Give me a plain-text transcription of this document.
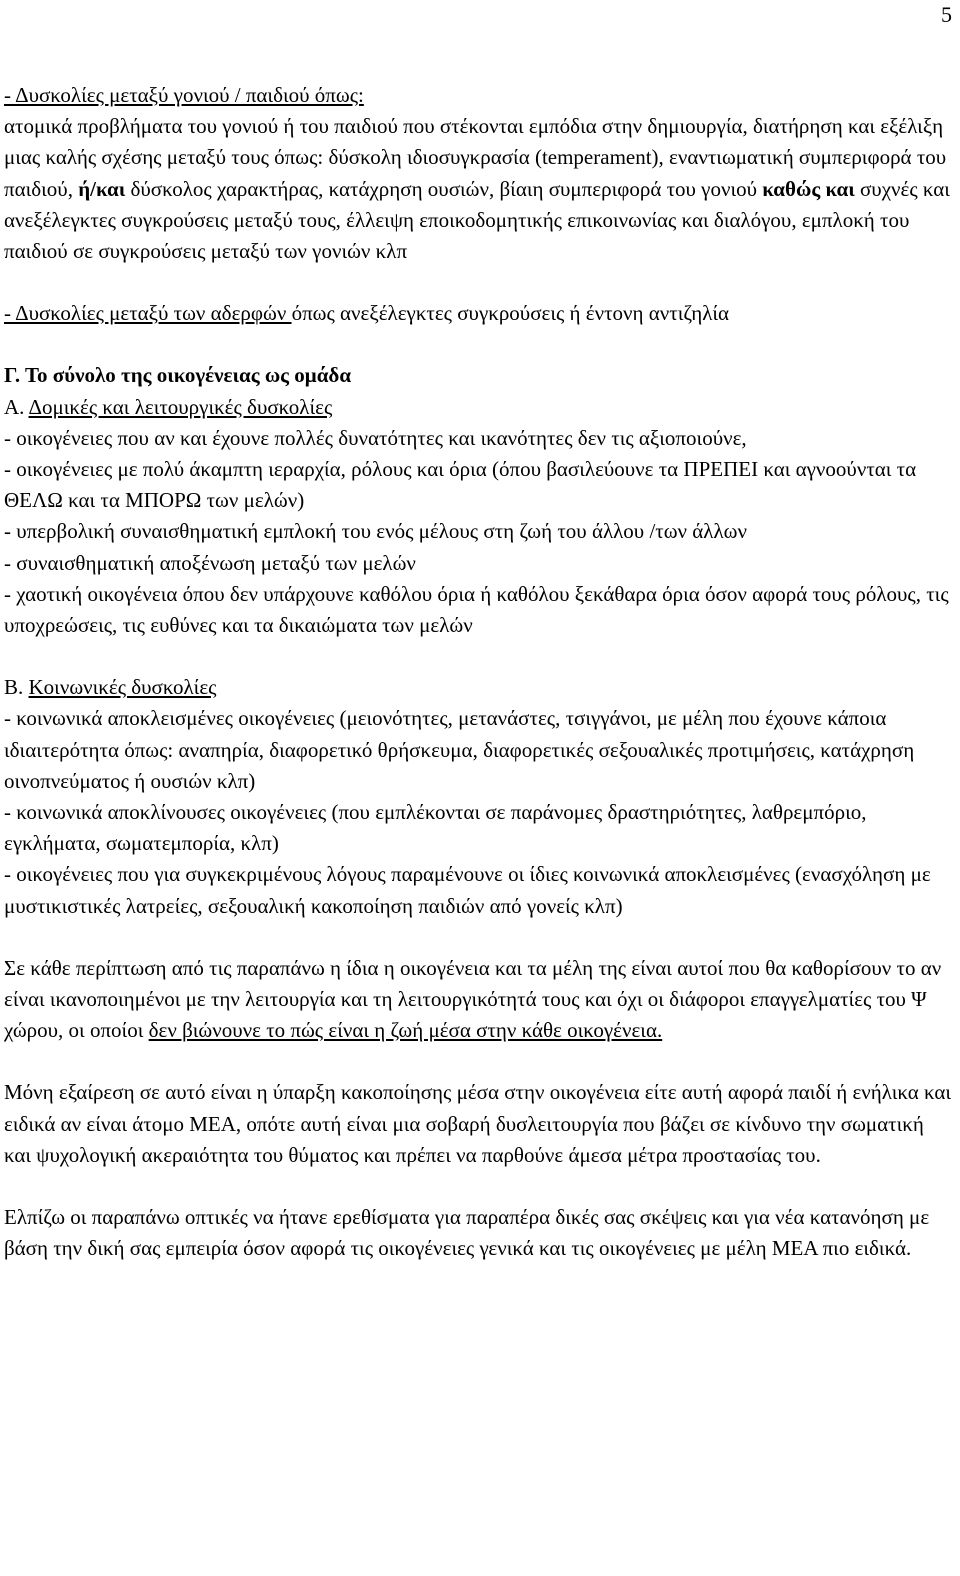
5

- Δυσκολίες μεταξύ γονιού / παιδιού όπως:
ατομικά προβλήματα του γονιού ή του παιδιού που στέκονται εμπόδια στην δημιουργία, διατήρηση και εξέλιξη μιας καλής σχέσης μεταξύ τους όπως: δύσκολη ιδιοσυγκρασία (temperament), εναντιωματική συμπεριφορά του παιδιού, ή/και δύσκολος χαρακτήρας, κατάχρηση ουσιών, βίαιη συμπεριφορά του γονιού καθώς και συχνές και ανεξέλεγκτες συγκρούσεις μεταξύ τους, έλλειψη εποικοδομητικής επικοινωνίας και διαλόγου, εμπλοκή του παιδιού σε συγκρούσεις μεταξύ των γονιών κλπ

- Δυσκολίες μεταξύ των αδερφών όπως ανεξέλεγκτες συγκρούσεις ή έντονη αντιζηλία

Γ. Το σύνολο της οικογένειας ως ομάδα
Α. Δομικές και λειτουργικές δυσκολίες
- οικογένειες που αν και έχουνε πολλές δυνατότητες και ικανότητες δεν τις αξιοποιούνε,
- οικογένειες με πολύ άκαμπτη ιεραρχία, ρόλους και όρια (όπου βασιλεύουνε τα ΠΡΕΠΕΙ και αγνοούνται τα ΘΕΛΩ και τα ΜΠΟΡΩ των μελών)
- υπερβολική συναισθηματική εμπλοκή του ενός μέλους στη ζωή του άλλου /των άλλων
- συναισθηματική αποξένωση μεταξύ των μελών
- χαοτική οικογένεια όπου δεν υπάρχουνε καθόλου όρια ή καθόλου ξεκάθαρα όρια όσον αφορά τους ρόλους, τις υποχρεώσεις, τις ευθύνες και τα δικαιώματα των μελών
Β. Κοινωνικές δυσκολίες
- κοινωνικά αποκλεισμένες οικογένειες (μειονότητες, μετανάστες, τσιγγάνοι, με μέλη που έχουνε κάποια ιδιαιτερότητα όπως: αναπηρία, διαφορετικό θρήσκευμα, διαφορετικές σεξουαλικές προτιμήσεις, κατάχρηση οινοπνεύματος ή ουσιών κλπ)
- κοινωνικά αποκλίνουσες οικογένειες (που εμπλέκονται σε παράνομες δραστηριότητες, λαθρεμπόριο, εγκλήματα, σωματεμπορία, κλπ)
- οικογένειες που για συγκεκριμένους λόγους παραμένουνε οι ίδιες κοινωνικά αποκλεισμένες (ενασχόληση με μυστικιστικές λατρείες, σεξουαλική κακοποίηση παιδιών από γονείς κλπ)

Σε κάθε περίπτωση από τις παραπάνω η ίδια η οικογένεια και τα μέλη της είναι αυτοί που θα καθορίσουν το αν είναι ικανοποιημένοι με την λειτουργία και τη λειτουργικότητά τους και όχι οι διάφοροι επαγγελματίες του Ψ χώρου, οι οποίοι δεν βιώνουνε το πώς είναι η ζωή μέσα στην κάθε οικογένεια.

Μόνη εξαίρεση σε αυτό είναι η ύπαρξη κακοποίησης μέσα στην οικογένεια είτε αυτή αφορά παιδί ή ενήλικα και ειδικά αν είναι άτομο ΜΕΑ, οπότε αυτή είναι μια σοβαρή δυσλειτουργία που βάζει σε κίνδυνο την σωματική και ψυχολογική ακεραιότητα του θύματος και πρέπει να παρθούνε άμεσα μέτρα προστασίας του.

Ελπίζω οι παραπάνω οπτικές να ήτανε ερεθίσματα για παραπέρα δικές σας σκέψεις και για νέα κατανόηση με βάση την δική σας εμπειρία όσον αφορά τις οικογένειες γενικά και τις οικογένειες με μέλη ΜΕΑ πιο ειδικά.
